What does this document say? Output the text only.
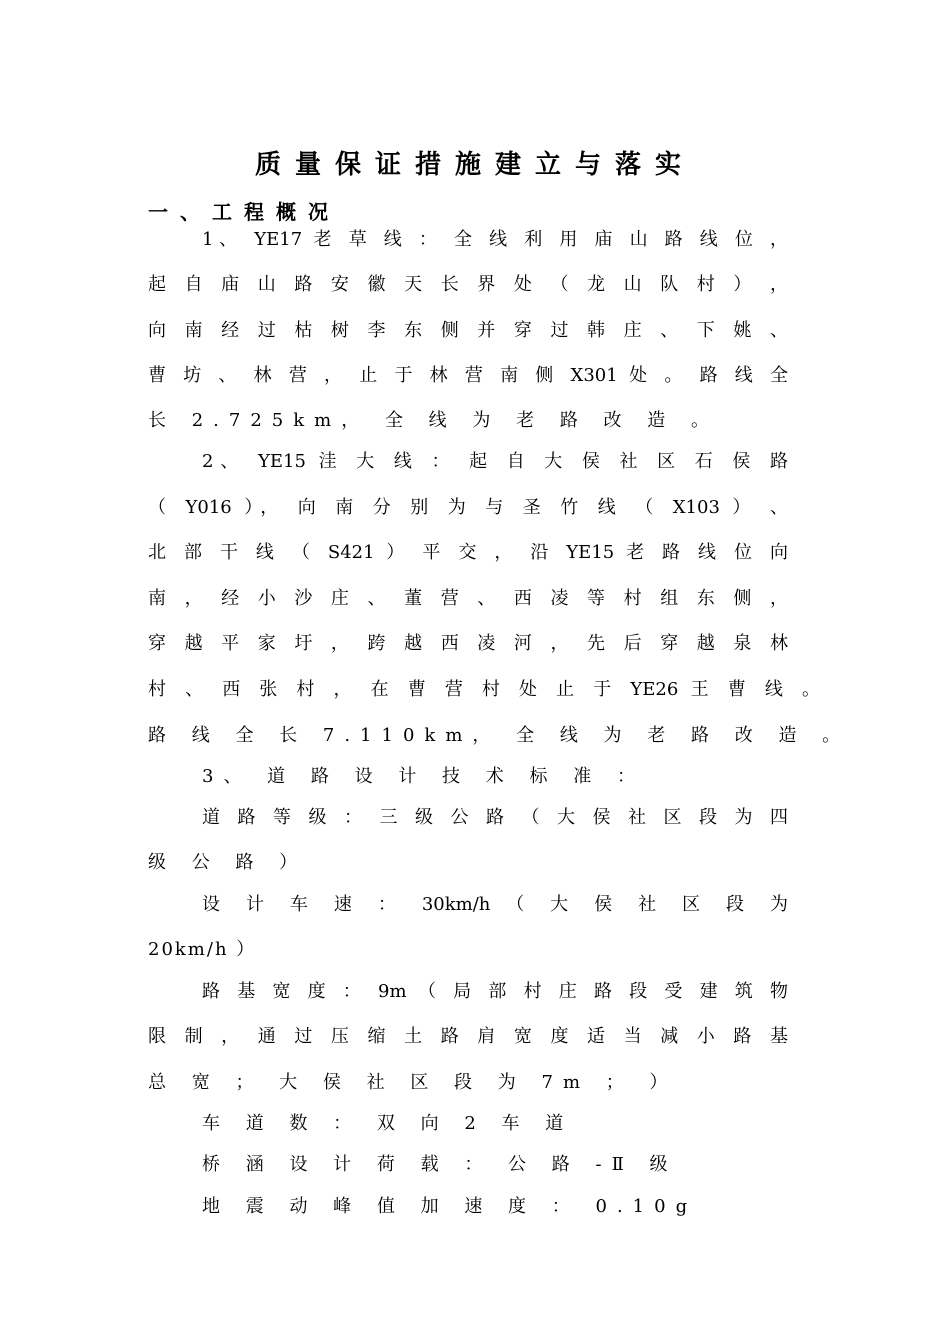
质量保证措施建立与落实
一、工程概况
1、 YE17 老 草 线 ： 全 线 利 用 庙 山 路 线 位 ，
起 自 庙 山 路 安 徽 天 长 界 处 （ 龙 山 队 村 ） ，
向 南 经 过 枯 树 李 东 侧 并 穿 过 韩 庄 、 下 姚 、
曹 坊 、 林 营 ， 止 于 林 营 南 侧 X301 处 。 路 线 全
长 2.725km， 全 线 为 老 路 改 造 。
2、 YE15 洼 大 线 ： 起 自 大 侯 社 区 石 侯 路
（ Y016 ）， 向 南 分 别 为 与 圣 竹 线 （ X103 ） 、
北 部 干 线 （ S421 ） 平 交 ， 沿 YE15 老 路 线 位 向
南 ， 经 小 沙 庄 、 董 营 、 西 凌 等 村 组 东 侧 ，
穿 越 平 家 圩 ， 跨 越 西 凌 河 ， 先 后 穿 越 泉 林
村 、 西 张 村 ， 在 曹 营 村 处 止 于 YE26 王 曹 线 。
路 线 全 长 7.110km， 全 线 为 老 路 改 造 。
3、 道 路 设 计 技 术 标 准 ：
道 路 等 级 ： 三 级 公 路 （ 大 侯 社 区 段 为 四
级 公 路 ）
设 计 车 速 ： 30km/h （ 大 侯 社 区 段 为
20km/h ）
路 基 宽 度 ： 9m （ 局 部 村 庄 路 段 受 建 筑 物
限 制 ， 通 过 压 缩 土 路 肩 宽 度 适 当 减 小 路 基
总 宽 ； 大 侯 社 区 段 为 7m ； ）
车 道 数 ： 双 向 2 车 道
桥 涵 设 计 荷 载 ： 公 路 -Ⅱ 级
地 震 动 峰 值 加 速 度 ： 0.10g
